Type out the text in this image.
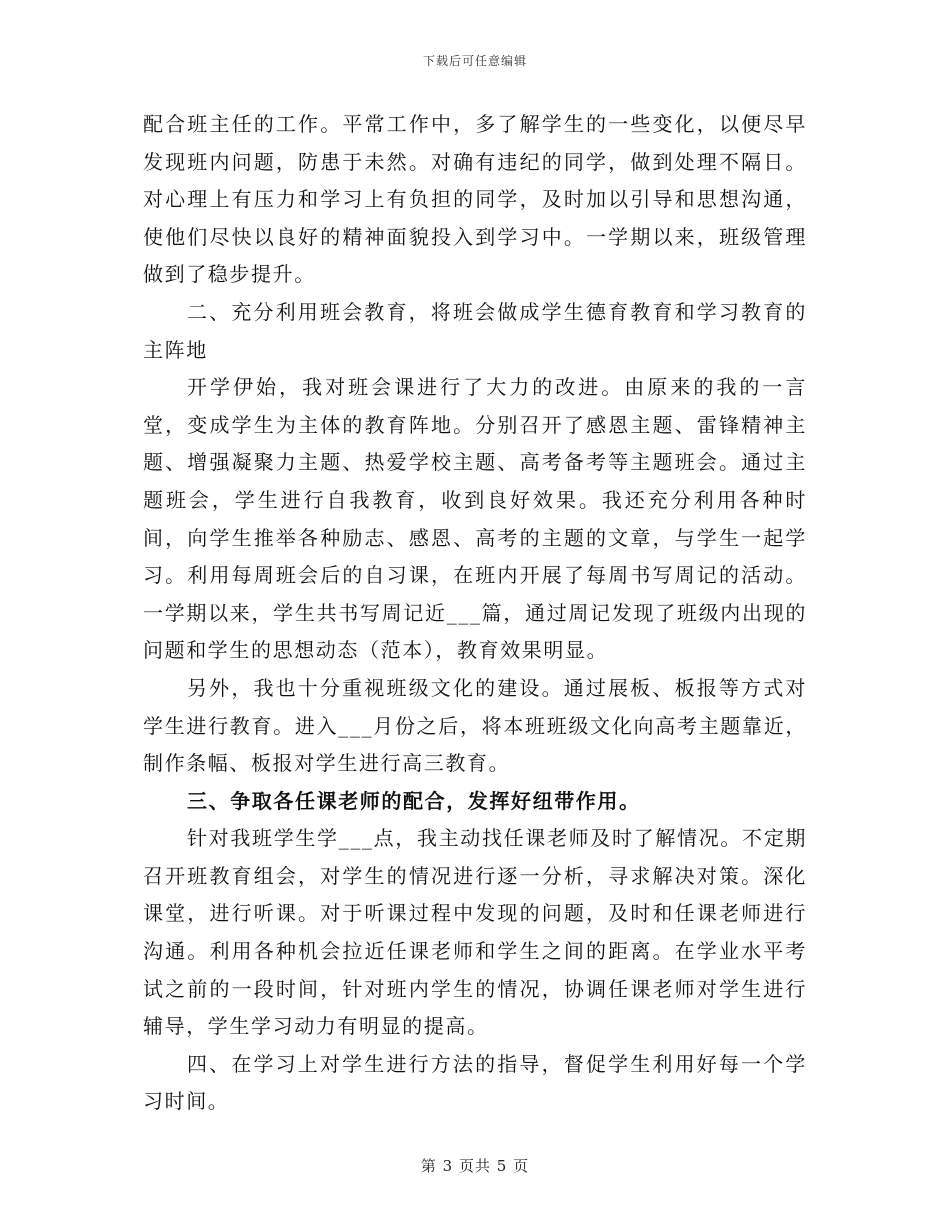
下载后可任意编辑

配合班主任的工作。平常工作中，多了解学生的一些变化，以便尽早发现班内问题，防患于未然。对确有违纪的同学，做到处理不隔日。对心理上有压力和学习上有负担的同学，及时加以引导和思想沟通，使他们尽快以良好的精神面貌投入到学习中。一学期以来，班级管理做到了稳步提升。

二、充分利用班会教育，将班会做成学生德育教育和学习教育的主阵地

开学伊始，我对班会课进行了大力的改进。由原来的我的一言堂，变成学生为主体的教育阵地。分别召开了感恩主题、雷锋精神主题、增强凝聚力主题、热爱学校主题、高考备考等主题班会。通过主题班会，学生进行自我教育，收到良好效果。我还充分利用各种时间，向学生推举各种励志、感恩、高考的主题的文章，与学生一起学习。利用每周班会后的自习课，在班内开展了每周书写周记的活动。一学期以来，学生共书写周记近___篇，通过周记发现了班级内出现的问题和学生的思想动态（范本），教育效果明显。

另外，我也十分重视班级文化的建设。通过展板、板报等方式对学生进行教育。进入___月份之后，将本班班级文化向高考主题靠近，制作条幅、板报对学生进行高三教育。

三、争取各任课老师的配合，发挥好纽带作用。

针对我班学生学___点，我主动找任课老师及时了解情况。不定期召开班教育组会，对学生的情况进行逐一分析，寻求解决对策。深化课堂，进行听课。对于听课过程中发现的问题，及时和任课老师进行沟通。利用各种机会拉近任课老师和学生之间的距离。在学业水平考试之前的一段时间，针对班内学生的情况，协调任课老师对学生进行辅导，学生学习动力有明显的提高。

四、在学习上对学生进行方法的指导，督促学生利用好每一个学习时间。

第 3 页共 5 页
